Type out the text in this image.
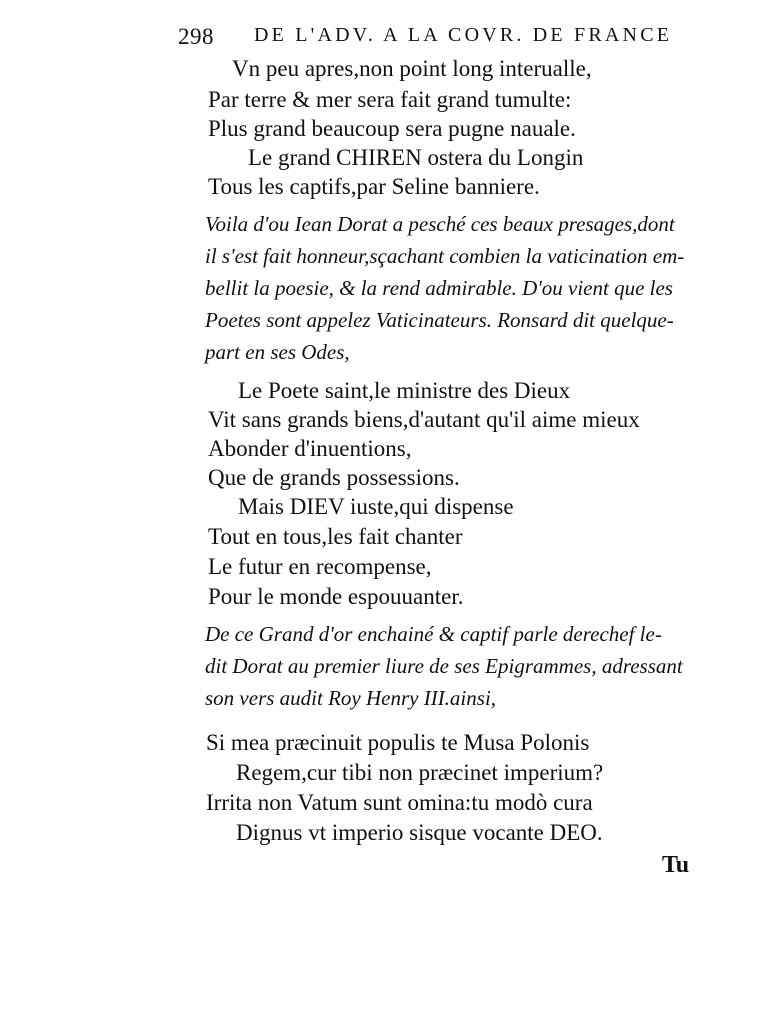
298 DE L'ADV. A LA COVR. DE FRANCE
Vn peu apres,non point long interualle,
Par terre & mer sera fait grand tumulte:
Plus grand beaucoup sera pugne nauale.
Le grand CHIREN ostera du Longin
Tous les captifs,par Seline banniere.
Voila d'ou Iean Dorat a pesché ces beaux presages,dont
il s'est fait honneur,sçachant combien la vaticination em-
bellit la poesie, & la rend admirable. D'ou vient que les
Poetes sont appelez Vaticinateurs. Ronsard dit quelque-
part en ses Odes,
Le Poete saint,le ministre des Dieux
Vit sans grands biens,d'autant qu'il aime mieux
Abonder d'inuentions,
Que de grands possessions.
Mais DIEV iuste,qui dispense
Tout en tous,les fait chanter
Le futur en recompense,
Pour le monde espouuanter.
De ce Grand d'or enchainé & captif parle derechef le-
dit Dorat au premier liure de ses Epigrammes, adressant
son vers audit Roy Henry III.ainsi,
Si mea præcinuit populis te Musa Polonis
Regem,cur tibi non præcinet imperium?
Irrita non Vatum sunt omina:tu modò cura
Dignus vt imperio sisque vocante DEO.
Tu
